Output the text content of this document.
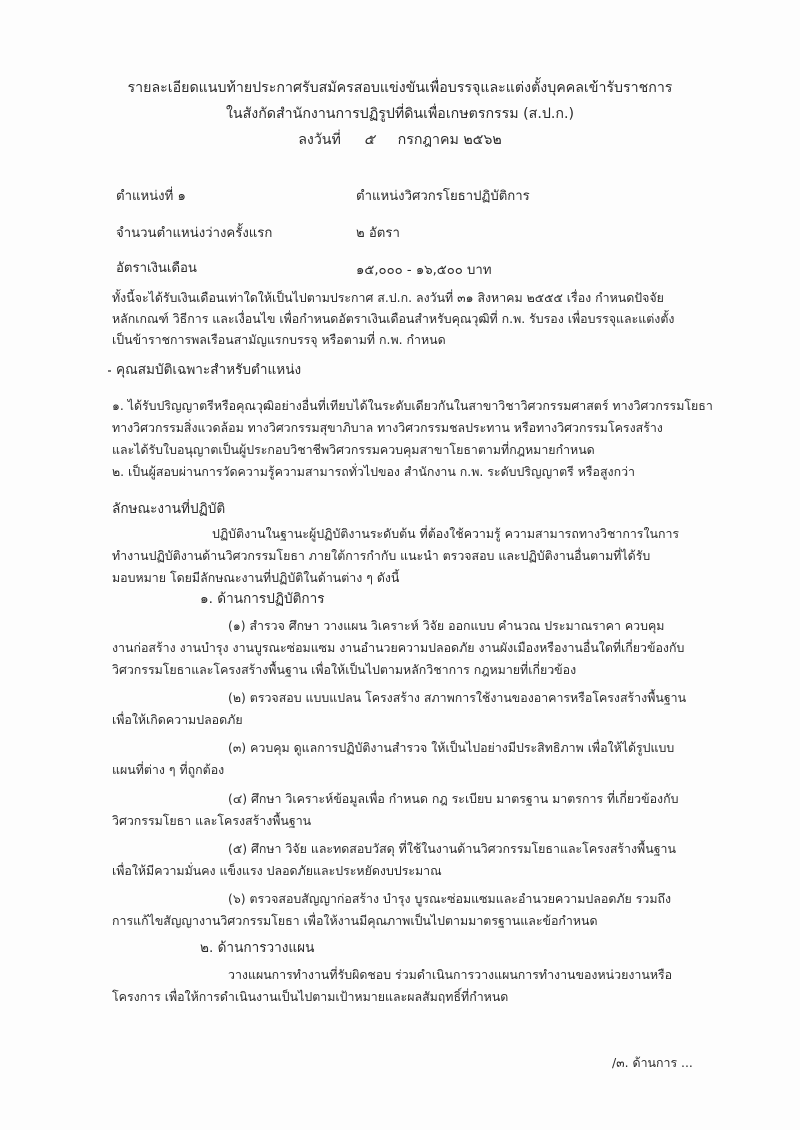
รายละเอียดแนบท้ายประกาศรับสมัครสอบแข่งขันเพื่อบรรจุและแต่งตั้งบุคคลเข้ารับราชการ
ในสังกัดสำนักงานการปฏิรูปที่ดินเพื่อเกษตรกรรม (ส.ป.ก.)
ลงวันที่ ๕ กรกฎาคม ๒๕๖๒
ตำแหน่งที่ ๑	ตำแหน่งวิศวกรโยธาปฏิบัติการ
จำนวนตำแหน่งว่างครั้งแรก	๒ อัตรา
อัตราเงินเดือน	๑๕,๐๐๐ - ๑๖,๕๐๐ บาท
ทั้งนี้จะได้รับเงินเดือนเท่าใดให้เป็นไปตามประกาศ ส.ป.ก. ลงวันที่ ๓๑ สิงหาคม ๒๕๕๕ เรื่อง กำหนดปัจจัย
หลักเกณฑ์ วิธีการ และเงื่อนไข เพื่อกำหนดอัตราเงินเดือนสำหรับคุณวุฒิที่ ก.พ. รับรอง เพื่อบรรจุและแต่งตั้ง
เป็นข้าราชการพลเรือนสามัญแรกบรรจุ หรือตามที่ ก.พ. กำหนด
คุณสมบัติเฉพาะสำหรับตำแหน่ง
๑. ได้รับปริญญาตรีหรือคุณวุฒิอย่างอื่นที่เทียบได้ในระดับเดียวกันในสาขาวิชาวิศวกรรมศาสตร์ ทางวิศวกรรมโยธา
ทางวิศวกรรมสิ่งแวดล้อม ทางวิศวกรรมสุขาภิบาล ทางวิศวกรรมชลประทาน หรือทางวิศวกรรมโครงสร้าง
และได้รับใบอนุญาตเป็นผู้ประกอบวิชาชีพวิศวกรรมควบคุมสาขาโยธาตามที่กฎหมายกำหนด
๒. เป็นผู้สอบผ่านการวัดความรู้ความสามารถทั่วไปของ สำนักงาน ก.พ. ระดับปริญญาตรี หรือสูงกว่า
ลักษณะงานที่ปฏิบัติ
ปฏิบัติงานในฐานะผู้ปฏิบัติงานระดับต้น ที่ต้องใช้ความรู้ ความสามารถทางวิชาการในการ
ทำงานปฏิบัติงานด้านวิศวกรรมโยธา ภายใต้การกำกับ แนะนำ ตรวจสอบ และปฏิบัติงานอื่นตามที่ได้รับ
มอบหมาย โดยมีลักษณะงานที่ปฏิบัติในด้านต่าง ๆ ดังนี้
๑. ด้านการปฏิบัติการ
(๑) สำรวจ ศึกษา วางแผน วิเคราะห์ วิจัย ออกแบบ คำนวณ ประมาณราคา ควบคุม
งานก่อสร้าง งานบำรุง งานบูรณะซ่อมแซม งานอำนวยความปลอดภัย งานผังเมืองหรืองานอื่นใดที่เกี่ยวข้องกับ
วิศวกรรมโยธาและโครงสร้างพื้นฐาน เพื่อให้เป็นไปตามหลักวิชาการ กฎหมายที่เกี่ยวข้อง
(๒) ตรวจสอบ แบบแปลน โครงสร้าง สภาพการใช้งานของอาคารหรือโครงสร้างพื้นฐาน
เพื่อให้เกิดความปลอดภัย
(๓) ควบคุม ดูแลการปฏิบัติงานสำรวจ ให้เป็นไปอย่างมีประสิทธิภาพ เพื่อให้ได้รูปแบบ
แผนที่ต่าง ๆ ที่ถูกต้อง
(๔) ศึกษา วิเคราะห์ข้อมูลเพื่อ กำหนด กฎ ระเบียบ มาตรฐาน มาตรการ ที่เกี่ยวข้องกับ
วิศวกรรมโยธา และโครงสร้างพื้นฐาน
(๕) ศึกษา วิจัย และทดสอบวัสดุ ที่ใช้ในงานด้านวิศวกรรมโยธาและโครงสร้างพื้นฐาน
เพื่อให้มีความมั่นคง แข็งแรง ปลอดภัยและประหยัดงบประมาณ
(๖) ตรวจสอบสัญญาก่อสร้าง บำรุง บูรณะซ่อมแซมและอำนวยความปลอดภัย รวมถึง
การแก้ไขสัญญางานวิศวกรรมโยธา เพื่อให้งานมีคุณภาพเป็นไปตามมาตรฐานและข้อกำหนด
๒. ด้านการวางแผน
วางแผนการทำงานที่รับผิดชอบ ร่วมดำเนินการวางแผนการทำงานของหน่วยงานหรือ
โครงการ เพื่อให้การดำเนินงานเป็นไปตามเป้าหมายและผลสัมฤทธิ์ที่กำหนด
/๓. ด้านการ ...
